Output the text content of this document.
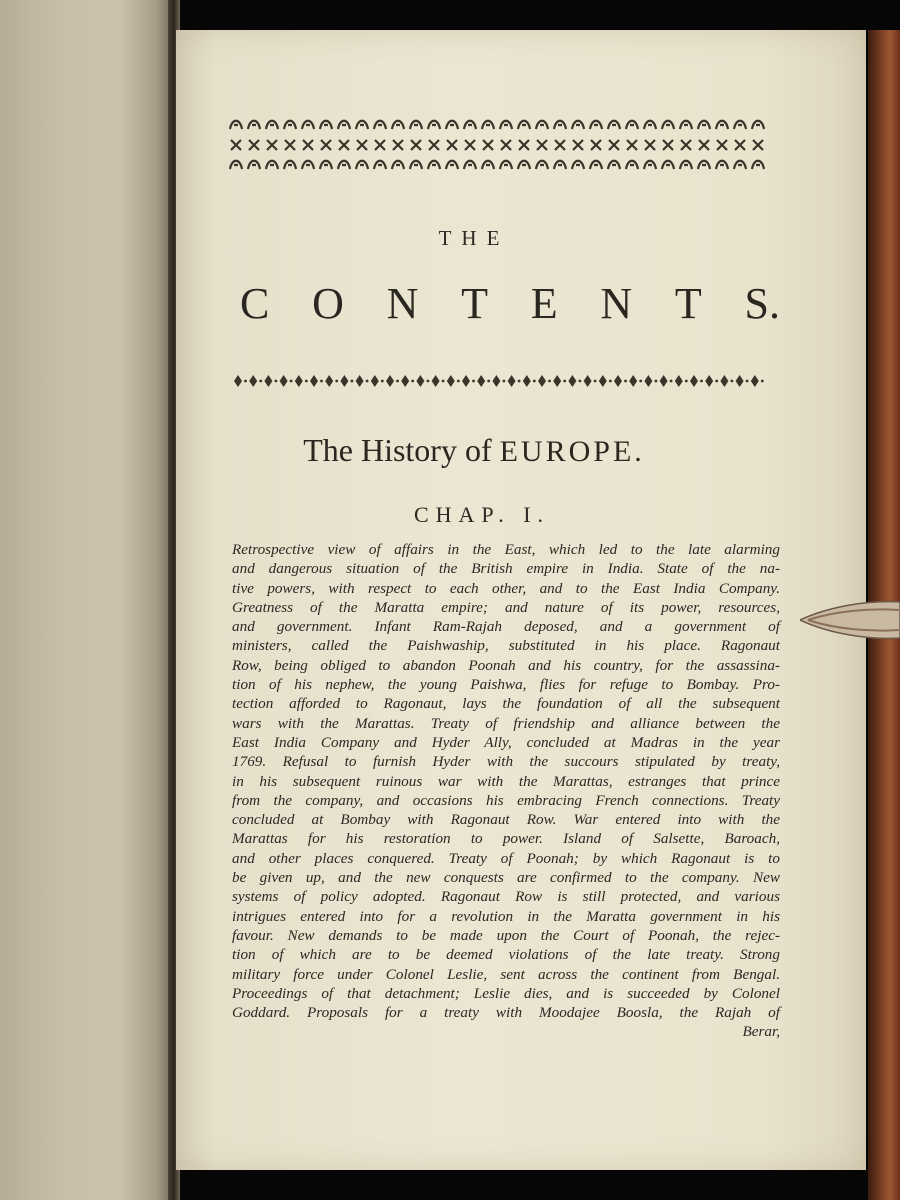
THE
C O N T E N T S.
The History of EUROPE.
CHAP. I.
Retrospective view of affairs in the East, which led to the late alarming
and dangerous situation of the British empire in India. State of the na-
tive powers, with respect to each other, and to the East India Company.
Greatness of the Maratta empire; and nature of its power, resources,
and government. Infant Ram-Rajah deposed, and a government of
ministers, called the Paishwaship, substituted in his place. Ragonaut
Row, being obliged to abandon Poonah and his country, for the assassina-
tion of his nephew, the young Paishwa, flies for refuge to Bombay. Pro-
tection afforded to Ragonaut, lays the foundation of all the subsequent
wars with the Marattas. Treaty of friendship and alliance between the
East India Company and Hyder Ally, concluded at Madras in the year
1769. Refusal to furnish Hyder with the succours stipulated by treaty,
in his subsequent ruinous war with the Marattas, estranges that prince
from the company, and occasions his embracing French connections. Treaty
concluded at Bombay with Ragonaut Row. War entered into with the
Marattas for his restoration to power. Island of Salsette, Baroach,
and other places conquered. Treaty of Poonah; by which Ragonaut is to
be given up, and the new conquests are confirmed to the company. New
systems of policy adopted. Ragonaut Row is still protected, and various
intrigues entered into for a revolution in the Maratta government in his
favour. New demands to be made upon the Court of Poonah, the rejec-
tion of which are to be deemed violations of the late treaty. Strong
military force under Colonel Leslie, sent across the continent from Bengal.
Proceedings of that detachment; Leslie dies, and is succeeded by Colonel
Goddard. Proposals for a treaty with Moodajee Boosla, the Rajah of
Berar,
